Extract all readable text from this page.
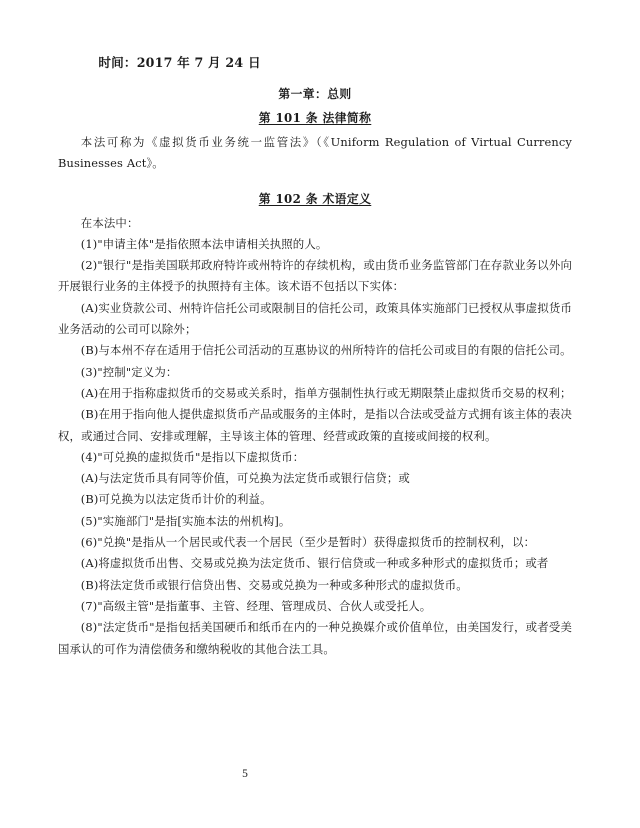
时间：2017 年 7 月 24 日
第一章：总则
第 101 条 法律简称
本法可称为《虚拟货币业务统一监管法》（《Uniform Regulation of Virtual Currency Businesses Act》。
第 102 条 术语定义
在本法中：
(1)"申请主体"是指依照本法申请相关执照的人。
(2)"银行"是指美国联邦政府特许或州特许的存续机构，或由货币业务监管部门在存款业务以外向开展银行业务的主体授予的执照持有主体。该术语不包括以下实体：
(A)实业贷款公司、州特许信托公司或限制目的信托公司，政策具体实施部门已授权从事虚拟货币业务活动的公司可以除外；
(B)与本州不存在适用于信托公司活动的互惠协议的州所特许的信托公司或目的有限的信托公司。
(3)"控制"定义为：
(A)在用于指称虚拟货币的交易或关系时，指单方强制性执行或无期限禁止虚拟货币交易的权利；
(B)在用于指向他人提供虚拟货币产品或服务的主体时，是指以合法或受益方式拥有该主体的表决权，或通过合同、安排或理解，主导该主体的管理、经营或政策的直接或间接的权利。
(4)"可兑换的虚拟货币"是指以下虚拟货币：
(A)与法定货币具有同等价值，可兑换为法定货币或银行信贷；或
(B)可兑换为以法定货币计价的利益。
(5)"实施部门"是指[实施本法的州机构]。
(6)"兑换"是指从一个居民或代表一个居民（至少是暂时）获得虚拟货币的控制权利，以：
(A)将虚拟货币出售、交易或兑换为法定货币、银行信贷或一种或多种形式的虚拟货币；或者
(B)将法定货币或银行信贷出售、交易或兑换为一种或多种形式的虚拟货币。
(7)"高级主管"是指董事、主管、经理、管理成员、合伙人或受托人。
(8)"法定货币"是指包括美国硬币和纸币在内的一种兑换媒介或价值单位，由美国发行，或者受美国承认的可作为清偿债务和缴纳税收的其他合法工具。
5
